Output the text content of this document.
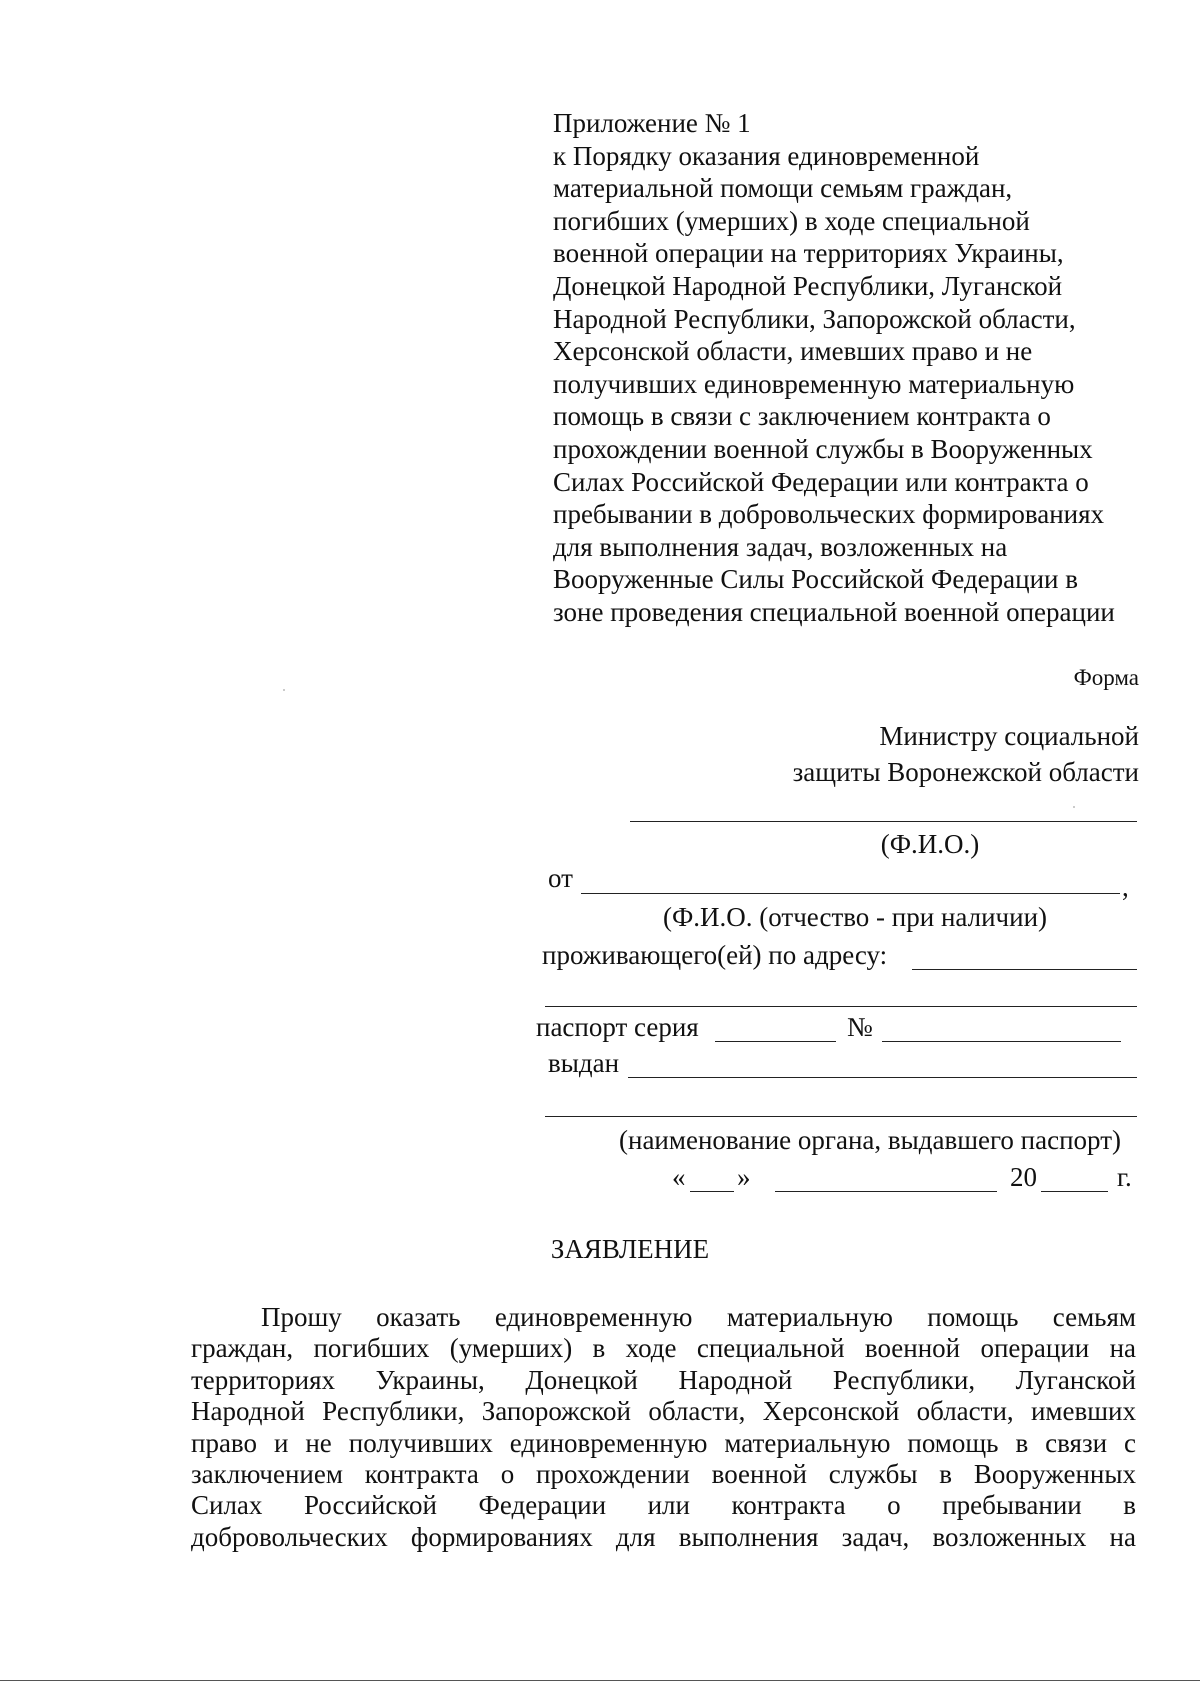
Приложение № 1
к Порядку оказания единовременной
материальной помощи семьям граждан,
погибших (умерших) в ходе специальной
военной операции на территориях Украины,
Донецкой Народной Республики, Луганской
Народной Республики, Запорожской области,
Херсонской области, имевших право и не
получивших единовременную материальную
помощь в связи с заключением контракта о
прохождении военной службы в Вооруженных
Силах Российской Федерации или контракта о
пребывании в добровольческих формированиях
для выполнения задач, возложенных на
Вооруженные Силы Российской Федерации в
зоне проведения специальной военной операции
Форма
Министру социальной
защиты Воронежской области
(Ф.И.О.)
от	,
(Ф.И.О. (отчество - при наличии)
проживающего(ей) по адресу:
паспорт серия	№
выдан
(наименование органа, выдавшего паспорт)
« »	20	г.
ЗАЯВЛЕНИЕ
Прошу оказать единовременную материальную помощь семьям
граждан, погибших (умерших) в ходе специальной военной операции на
территориях Украины, Донецкой Народной Республики, Луганской
Народной Республики, Запорожской области, Херсонской области, имевших
право и не получивших единовременную материальную помощь в связи с
заключением контракта о прохождении военной службы в Вооруженных
Силах Российской Федерации или контракта о пребывании в
добровольческих формированиях для выполнения задач, возложенных на
